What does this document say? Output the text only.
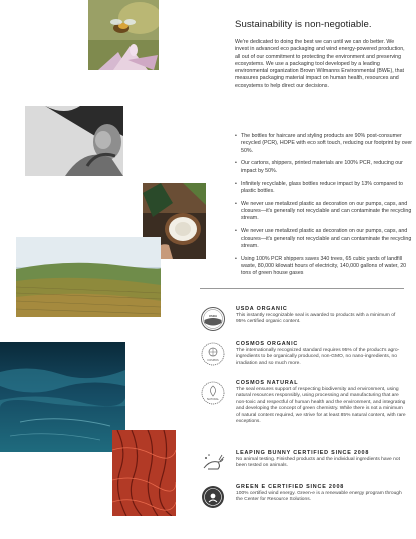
Sustainability is non-negotiable.
We're dedicated to doing the best we can until we can do better. We invest in advanced eco packaging and wind energy-powered production, all out of our commitment to protecting the environment and preserving ecosystems. We use a packaging tool developed by a leading environmental organization Brown Wilmanns Environmental (BWE), that measures packaging material impact on human health, resources and ecosystems to help direct our decisions.
• The bottles for haircare and styling products are 90% post-consumer recycled (PCR), HOPE with eco soft touch, reducing our footprint by over 50%.
• Our cartons, shippers, printed materials are 100% PCR, reducing our impact by 50%.
• Infinitely recyclable, glass bottles reduce impact by 13% compared to plastic bottles.
• We never use metalized plastic as decoration on our pumps, caps, and closures—it's generally not recyclable and can contaminate the recycling stream.
• We never use metalized plastic as decoration on our pumps, caps, and closures—it's generally not recyclable and can contaminate the recycling stream.
• Using 100% PCR shippers saves 340 trees, 65 cubic yards of landfill waste, 80,000 kilowatt hours of electricity, 140,000 gallons of water, 20 tons of green house gases
USDA
USDA ORGANIC
This instantly recognizable seal is awarded to products with a minimum of 95% certified organic content.
COSMOS
COSMOS ORGANIC
The internationally recognized standard requires 95% of the product's agro-ingredients to be organically produced, non-GMO, no nano-ingredients, no irradiation and so much more.
NATURAL
COSMOS NATURAL
The seal ensures support of respecting biodiversity and environment, using natural resources responsibly, using processing and manufacturing that are non-toxic and respectful of human health and the environment, and integrating and developing the concept of green chemistry. While there is not a minimum of natural content required, we strive for at least 85% natural content, with rare exceptions.
LEAPING BUNNY CERTIFIED SINCE 2008
No animal testing. Finished products and the individual ingredients have not been tested on animals.
GREEN E CERTIFIED SINCE 2008
100% certified wind energy. Green-e is a renewable energy program through the Center for Resource Solutions.
